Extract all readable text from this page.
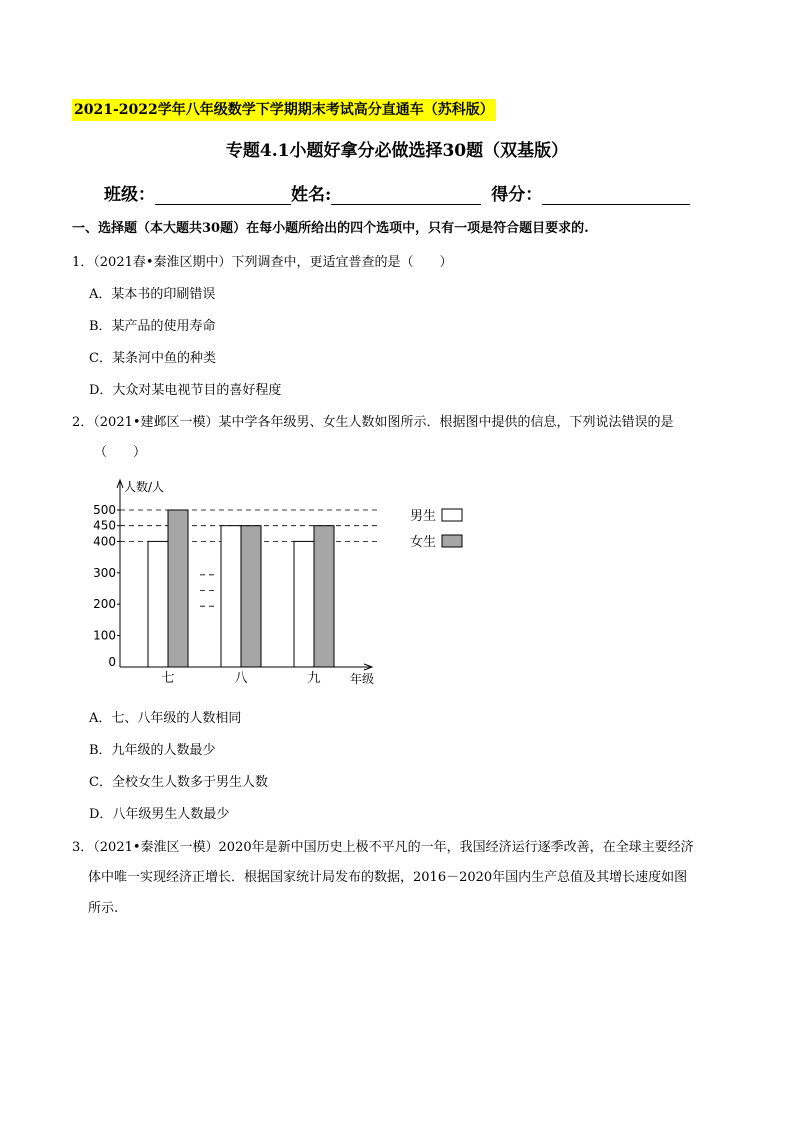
2021-2022学年八年级数学下学期期末考试高分直通车（苏科版）
专题4.1小题好拿分必做选择30题（双基版）
班级：	姓名:	得分：
一、选择题（本大题共30题）在每小题所给出的四个选项中，只有一项是符合题目要求的.
1．（2021春•秦淮区期中）下列调查中，更适宜普查的是（　　）
A．某本书的印刷错误
B．某产品的使用寿命
C．某条河中鱼的种类
D．大众对某电视节目的喜好程度
2．（2021•建邺区一模）某中学各年级男、女生人数如图所示．根据图中提供的信息，下列说法错误的是
（　　）
0
100
200
300
400
450
500
人数/人
年级
七	八	九
男生
女生
A．七、八年级的人数相同
B．九年级的人数最少
C．全校女生人数多于男生人数
D．八年级男生人数最少
3．（2021•秦淮区一模）2020年是新中国历史上极不平凡的一年，我国经济运行逐季改善，在全球主要经济
体中唯一实现经济正增长．根据国家统计局发布的数据，2016－2020年国内生产总值及其增长速度如图
所示.
